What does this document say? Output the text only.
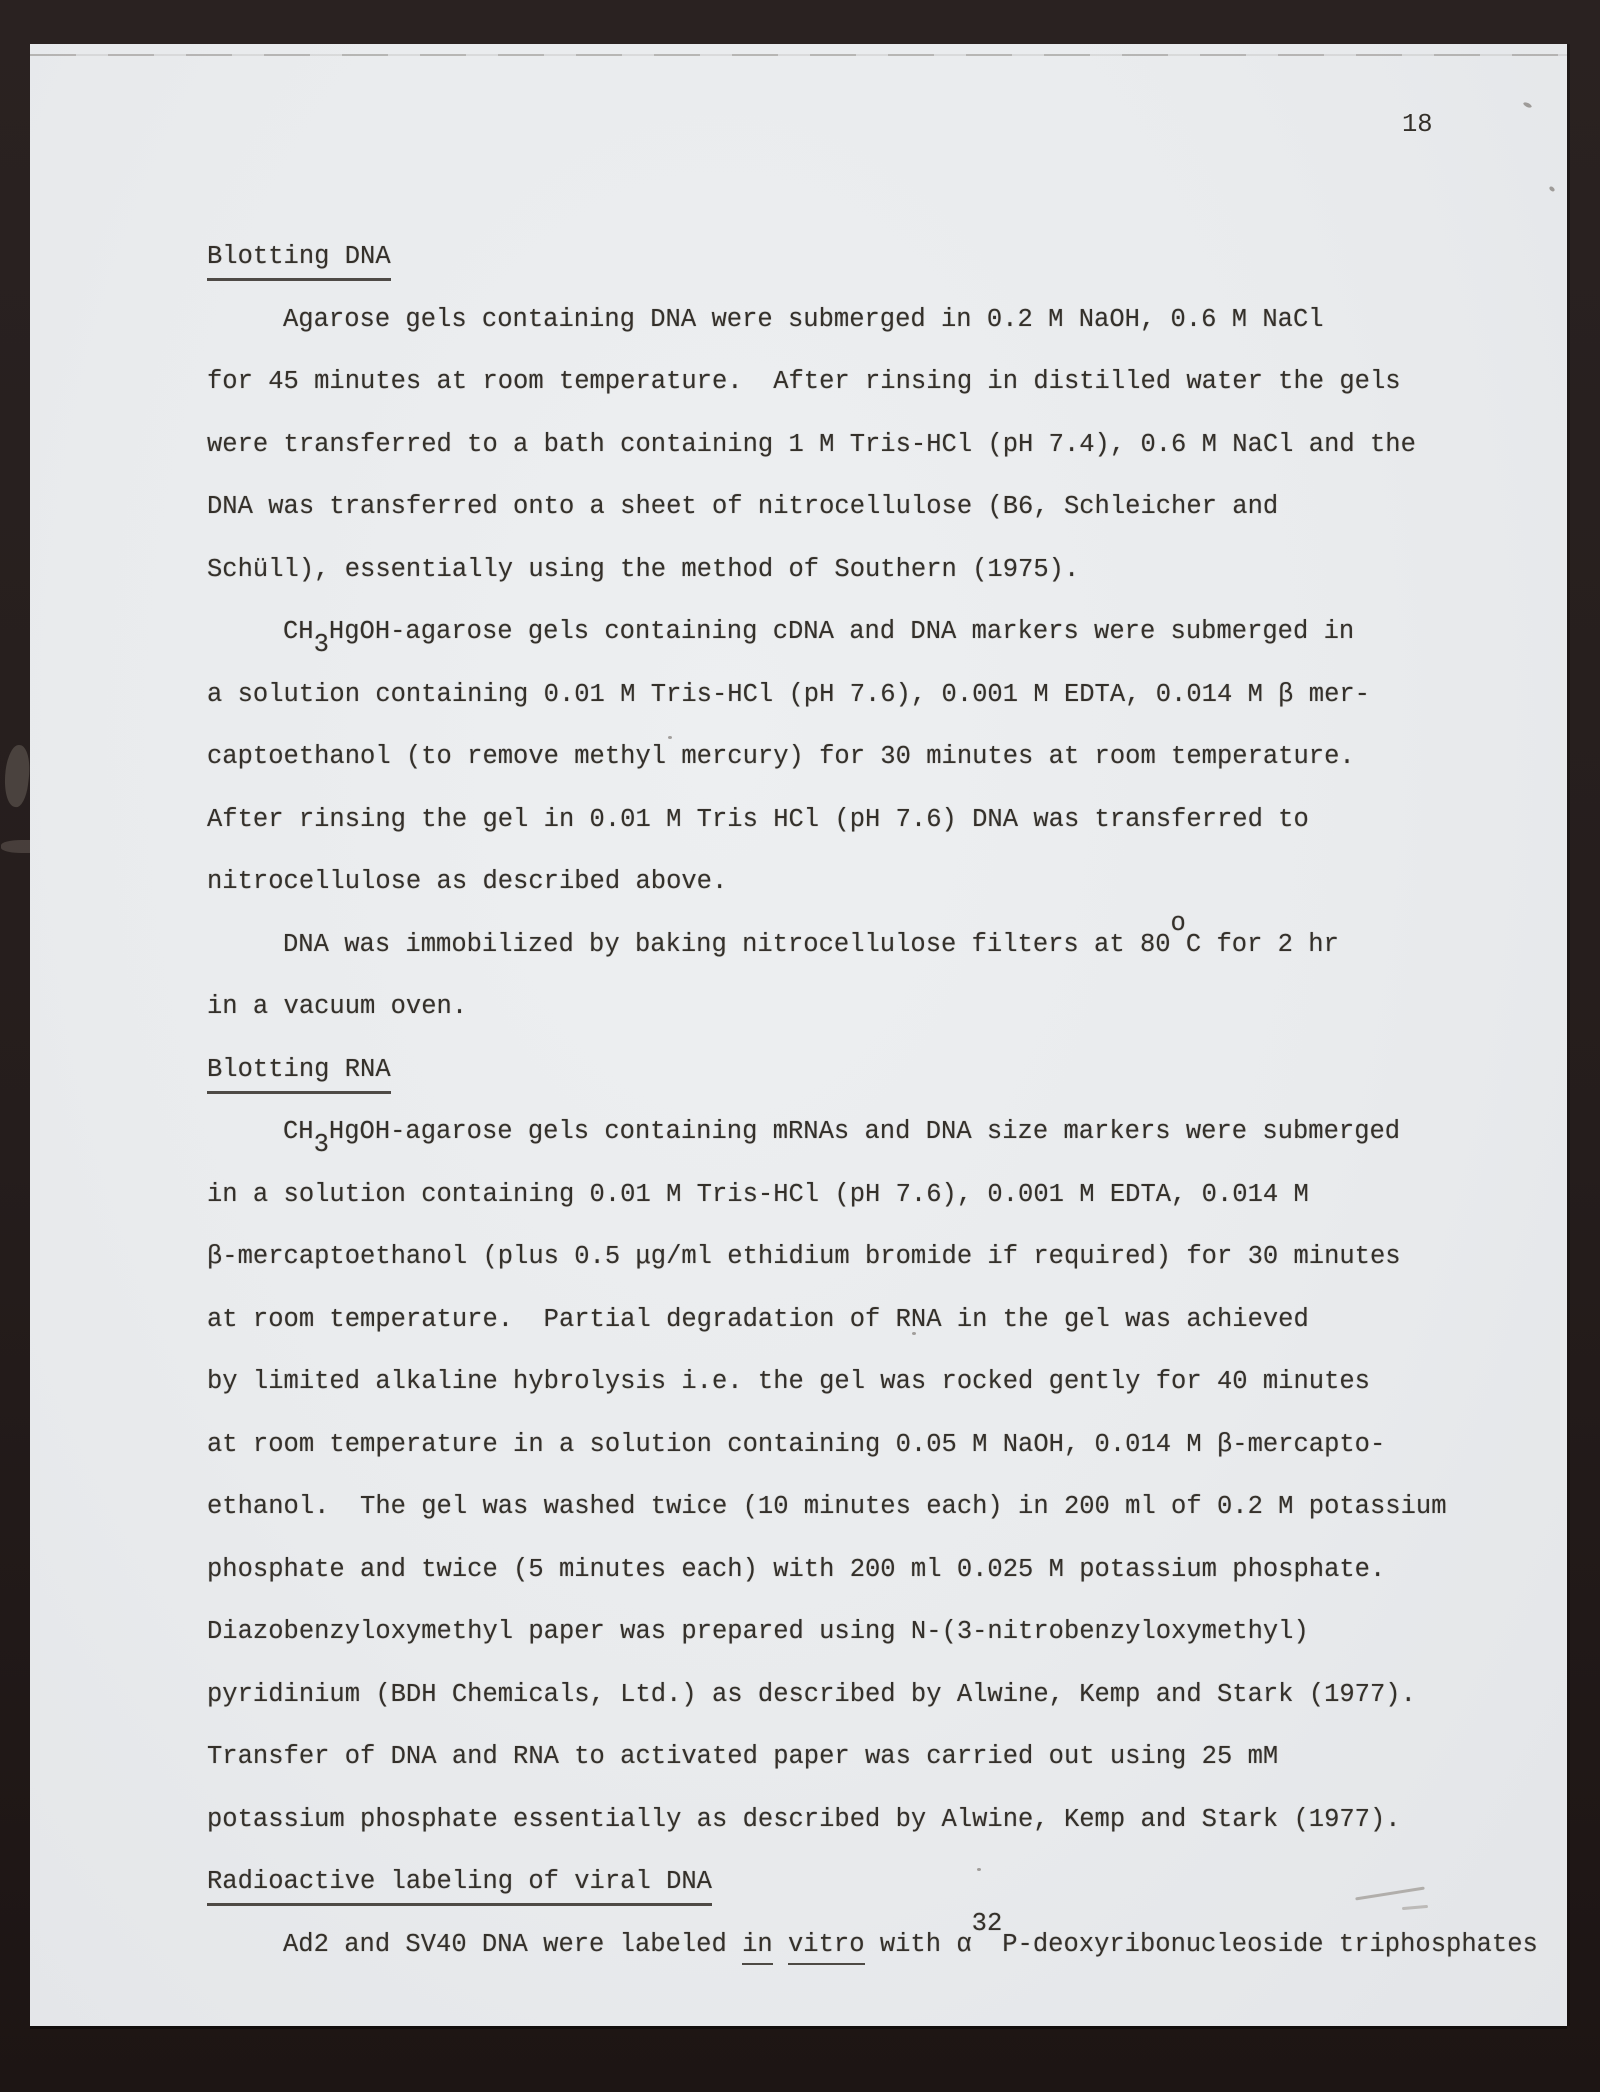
18
Blotting DNA
Agarose gels containing DNA were submerged in 0.2 M NaOH, 0.6 M NaCl
for 45 minutes at room temperature.  After rinsing in distilled water the gels
were transferred to a bath containing 1 M Tris-HCl (pH 7.4), 0.6 M NaCl and the
DNA was transferred onto a sheet of nitrocellulose (B6, Schleicher and
Schüll), essentially using the method of Southern (1975).
CH3HgOH-agarose gels containing cDNA and DNA markers were submerged in
a solution containing 0.01 M Tris-HCl (pH 7.6), 0.001 M EDTA, 0.014 M β mer-
captoethanol (to remove methyl mercury) for 30 minutes at room temperature.
After rinsing the gel in 0.01 M Tris HCl (pH 7.6) DNA was transferred to
nitrocellulose as described above.
DNA was immobilized by baking nitrocellulose filters at 80oC for 2 hr
in a vacuum oven.
Blotting RNA
CH3HgOH-agarose gels containing mRNAs and DNA size markers were submerged
in a solution containing 0.01 M Tris-HCl (pH 7.6), 0.001 M EDTA, 0.014 M
β-mercaptoethanol (plus 0.5 μg/ml ethidium bromide if required) for 30 minutes
at room temperature.  Partial degradation of RNA in the gel was achieved
by limited alkaline hybrolysis i.e. the gel was rocked gently for 40 minutes
at room temperature in a solution containing 0.05 M NaOH, 0.014 M β-mercapto-
ethanol.  The gel was washed twice (10 minutes each) in 200 ml of 0.2 M potassium
phosphate and twice (5 minutes each) with 200 ml 0.025 M potassium phosphate.
Diazobenzyloxymethyl paper was prepared using N-(3-nitrobenzyloxymethyl)
pyridinium (BDH Chemicals, Ltd.) as described by Alwine, Kemp and Stark (1977).
Transfer of DNA and RNA to activated paper was carried out using 25 mM
potassium phosphate essentially as described by Alwine, Kemp and Stark (1977).
Radioactive labeling of viral DNA
Ad2 and SV40 DNA were labeled in vitro with α32P-deoxyribonucleoside triphosphates
